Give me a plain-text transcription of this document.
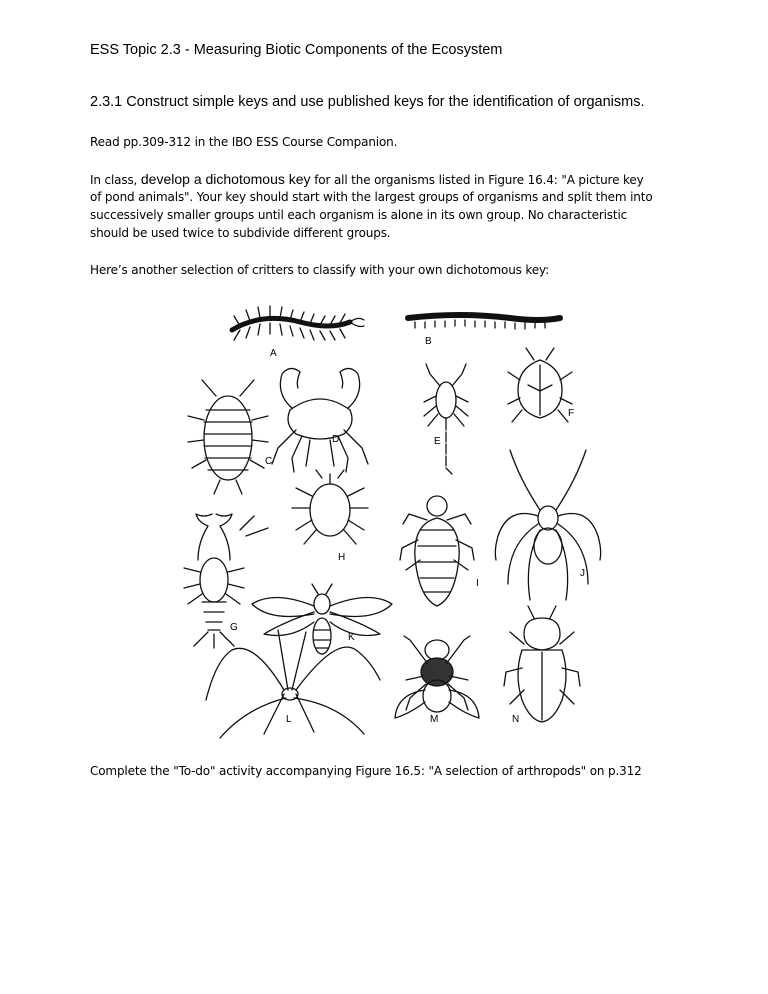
ESS Topic 2.3 - Measuring Biotic Components of the Ecosystem
2.3.1 Construct simple keys and use published keys for the identification of organisms.
Read pp.309-312 in the IBO ESS Course Companion.
In class, develop a dichotomous key for all the organisms listed in Figure 16.4: "A picture key
of pond animals". Your key should start with the largest groups of organisms and split them into
successively smaller groups until each organism is alone in its own group. No characteristic
should be used twice to subdivide different groups.
Here’s another selection of critters to classify with your own dichotomous key:
A
B
C
D	E
F
G
H
I
J
K
L	M	N
Complete the "To-do" activity accompanying Figure 16.5: "A selection of arthropods" on p.312
